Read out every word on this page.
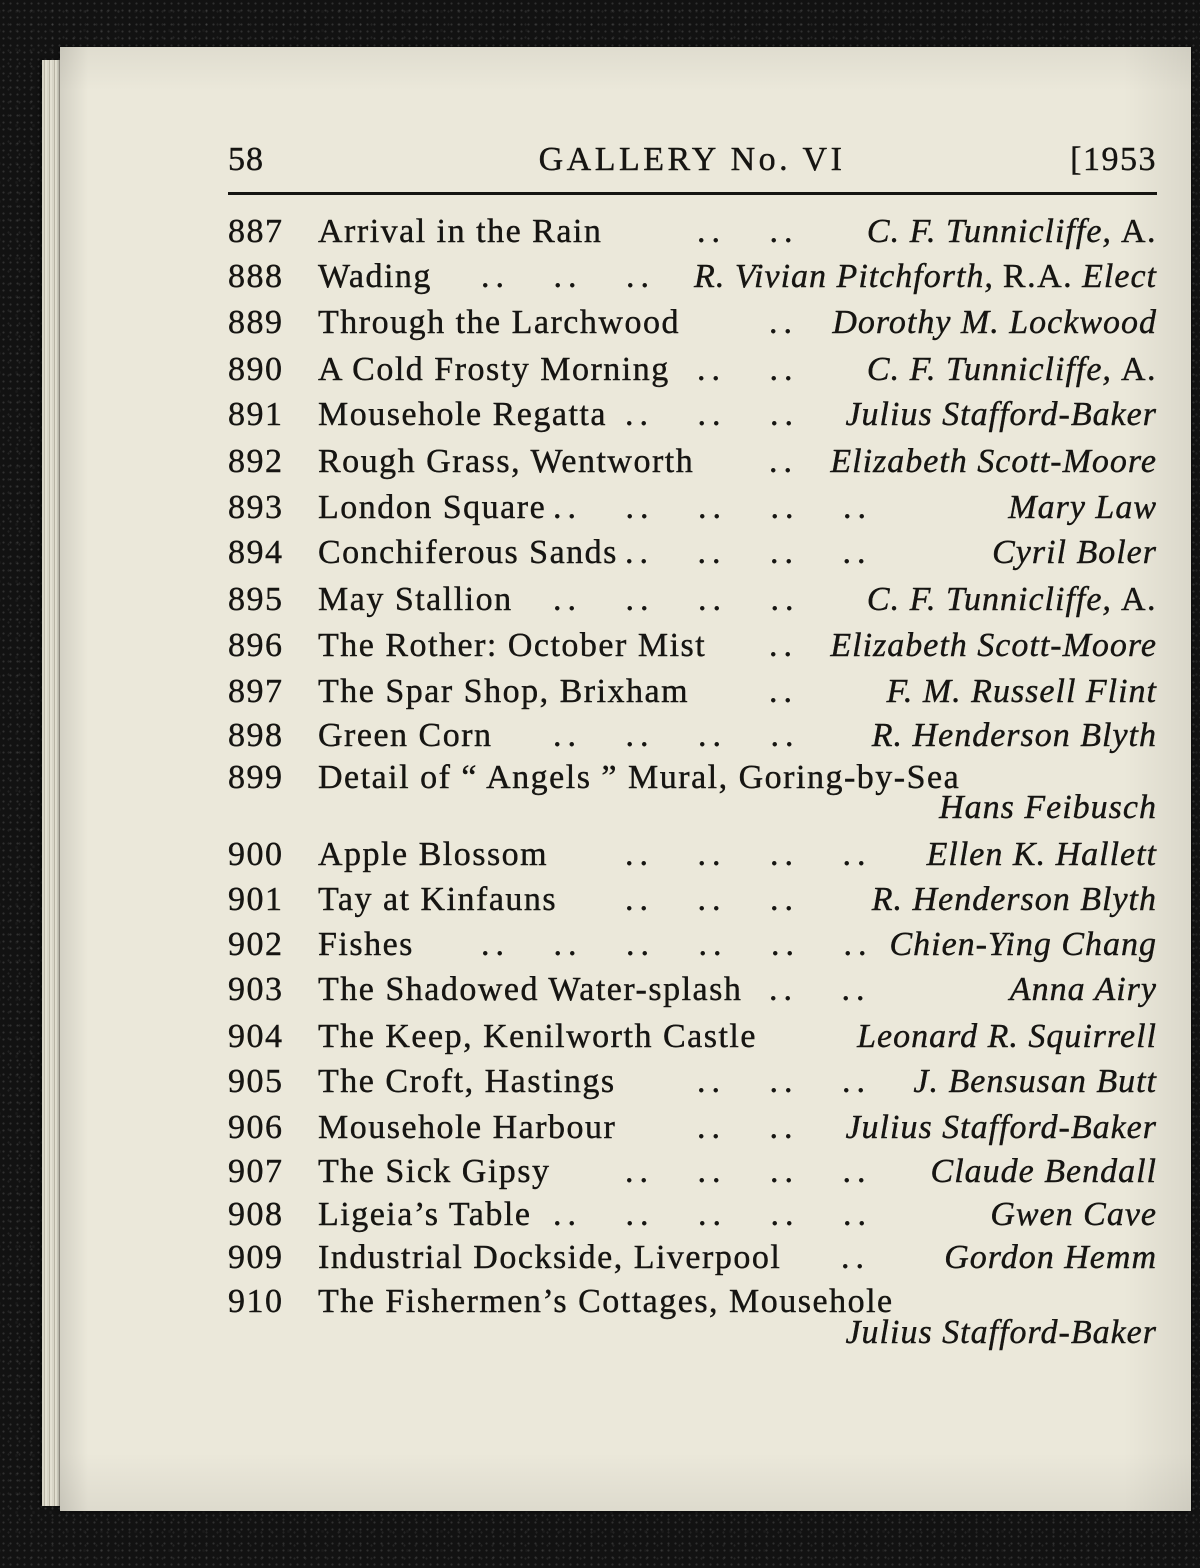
58	GALLERY No. VI	[1953
887 Arrival in the Rain	.. .. C. F. Tunnicliffe, A.
888 Wading .. .. .. R. Vivian Pitchforth, R.A. Elect
889 Through the Larchwood	.. Dorothy M. Lockwood
890 A Cold Frosty Morning .. .. C. F. Tunnicliffe, A.
891 Mousehole Regatta .. .. .. Julius Stafford-Baker
892 Rough Grass, Wentworth .. Elizabeth Scott-Moore
893 London Square .. .. .. .. ..	Mary Law
894 Conchiferous Sands .. .. .. ..	Cyril Boler
895 May Stallion .. .. .. .. C. F. Tunnicliffe, A.
896 The Rother: October Mist .. Elizabeth Scott-Moore
897 The Spar Shop, Brixham ..	F. M. Russell Flint
898 Green Corn .. .. .. .. R. Henderson Blyth
899 Detail of “ Angels ” Mural, Goring-by-Sea
Hans Feibusch
900 Apple Blossom .. .. .. .. Ellen K. Hallett
901 Tay at Kinfauns .. .. .. R. Henderson Blyth
902 Fishes .. .. .. .. .. .. Chien-Ying Chang
903 The Shadowed Water-splash .. ..	Anna Airy
904 The Keep, Kenilworth Castle	Leonard R. Squirrell
905 The Croft, Hastings .. .. .. J. Bensusan Butt
906 Mousehole Harbour .. .. Julius Stafford-Baker
907 The Sick Gipsy .. .. .. .. Claude Bendall
908 Ligeia’s Table .. .. .. .. ..	Gwen Cave
909 Industrial Dockside, Liverpool .. Gordon Hemm
910 The Fishermen’s Cottages, Mousehole
Julius Stafford-Baker
